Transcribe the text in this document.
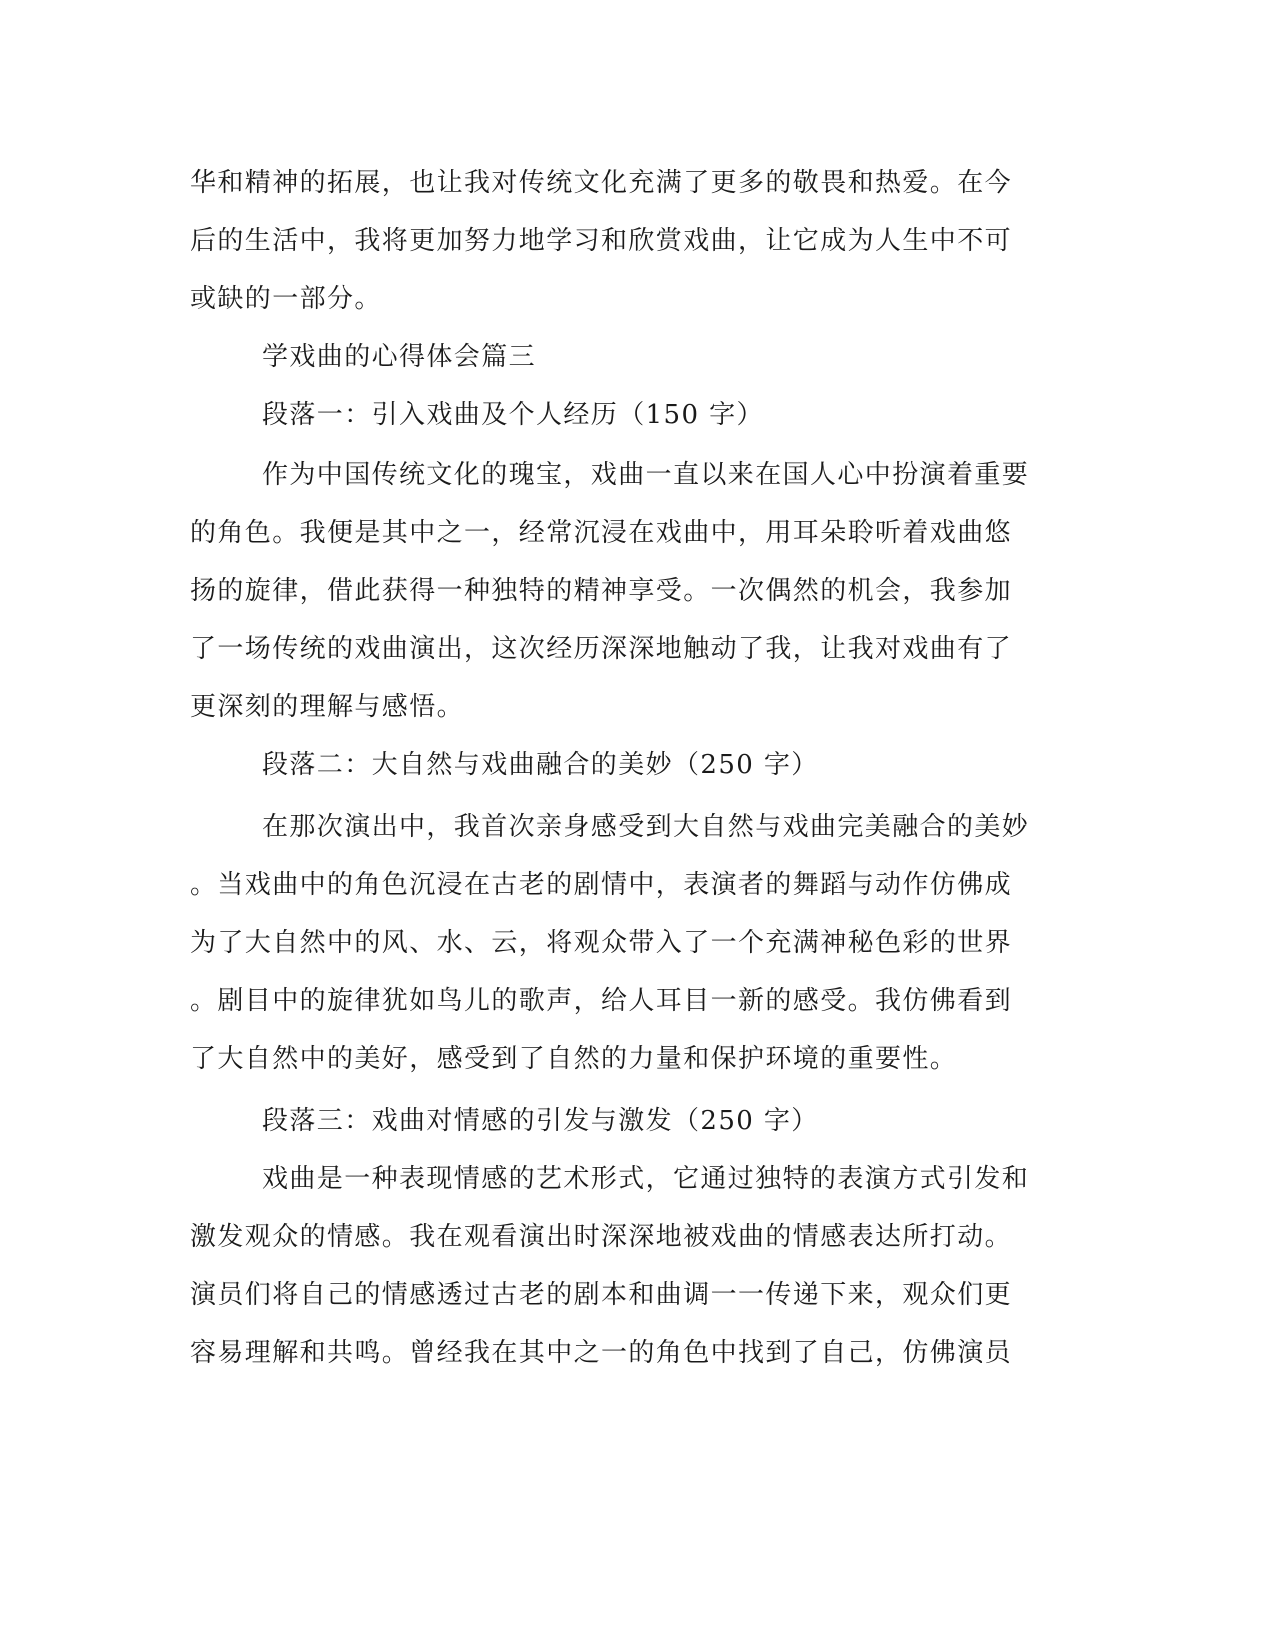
华和精神的拓展，也让我对传统文化充满了更多的敬畏和热爱。在今
后的生活中，我将更加努力地学习和欣赏戏曲，让它成为人生中不可
或缺的一部分。
学戏曲的心得体会篇三
段落一：引入戏曲及个人经历（150 字）
作为中国传统文化的瑰宝，戏曲一直以来在国人心中扮演着重要
的角色。我便是其中之一，经常沉浸在戏曲中，用耳朵聆听着戏曲悠
扬的旋律，借此获得一种独特的精神享受。一次偶然的机会，我参加
了一场传统的戏曲演出，这次经历深深地触动了我，让我对戏曲有了
更深刻的理解与感悟。
段落二：大自然与戏曲融合的美妙（250 字）
在那次演出中，我首次亲身感受到大自然与戏曲完美融合的美妙
。当戏曲中的角色沉浸在古老的剧情中，表演者的舞蹈与动作仿佛成
为了大自然中的风、水、云，将观众带入了一个充满神秘色彩的世界
。剧目中的旋律犹如鸟儿的歌声，给人耳目一新的感受。我仿佛看到
了大自然中的美好，感受到了自然的力量和保护环境的重要性。
段落三：戏曲对情感的引发与激发（250 字）
戏曲是一种表现情感的艺术形式，它通过独特的表演方式引发和
激发观众的情感。我在观看演出时深深地被戏曲的情感表达所打动。
演员们将自己的情感透过古老的剧本和曲调一一传递下来，观众们更
容易理解和共鸣。曾经我在其中之一的角色中找到了自己，仿佛演员
